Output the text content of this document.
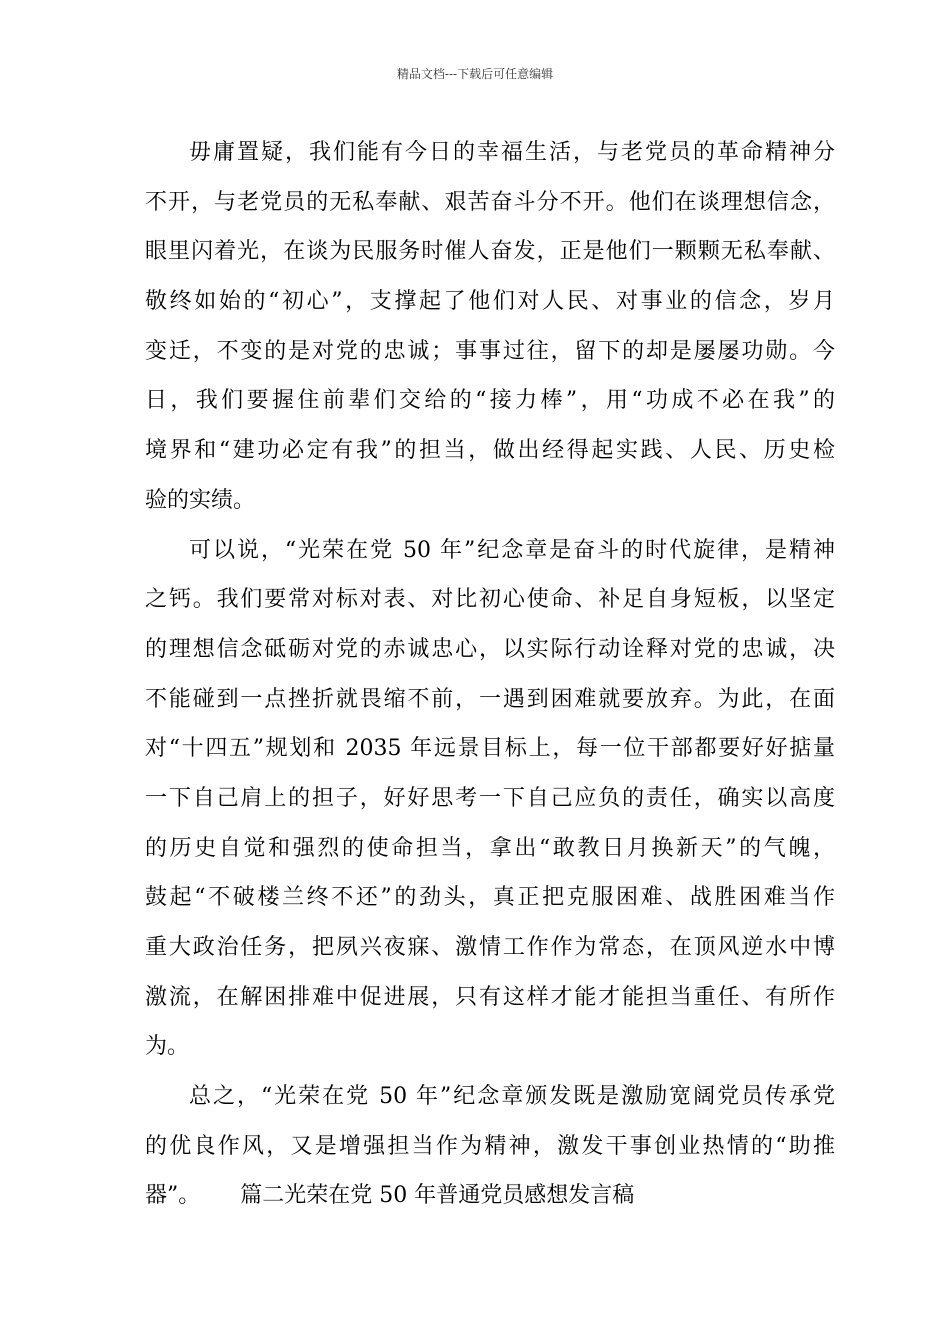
精品文档---下载后可任意编辑
毋庸置疑，我们能有今日的幸福生活，与老党员的革命精神分
不开，与老党员的无私奉献、艰苦奋斗分不开。他们在谈理想信念，
眼里闪着光，在谈为民服务时催人奋发，正是他们一颗颗无私奉献、
敬终如始的“初心”，支撑起了他们对人民、对事业的信念，岁月
变迁，不变的是对党的忠诚；事事过往，留下的却是屡屡功勋。今
日，我们要握住前辈们交给的“接力棒”，用“功成不必在我”的
境界和“建功必定有我”的担当，做出经得起实践、人民、历史检
验的实绩。
可以说，“光荣在党 50 年”纪念章是奋斗的时代旋律，是精神
之钙。我们要常对标对表、对比初心使命、补足自身短板，以坚定
的理想信念砥砺对党的赤诚忠心，以实际行动诠释对党的忠诚，决
不能碰到一点挫折就畏缩不前，一遇到困难就要放弃。为此，在面
对“十四五”规划和 2035 年远景目标上，每一位干部都要好好掂量
一下自己肩上的担子，好好思考一下自己应负的责任，确实以高度
的历史自觉和强烈的使命担当，拿出“敢教日月换新天”的气魄，
鼓起“不破楼兰终不还”的劲头，真正把克服困难、战胜困难当作
重大政治任务，把夙兴夜寐、激情工作作为常态，在顶风逆水中博
激流，在解困排难中促进展，只有这样才能才能担当重任、有所作
为。
总之，“光荣在党 50 年”纪念章颁发既是激励宽阔党员传承党
的优良作风，又是增强担当作为精神，激发干事创业热情的“助推
器”。　　 篇二光荣在党 50 年普通党员感想发言稿
